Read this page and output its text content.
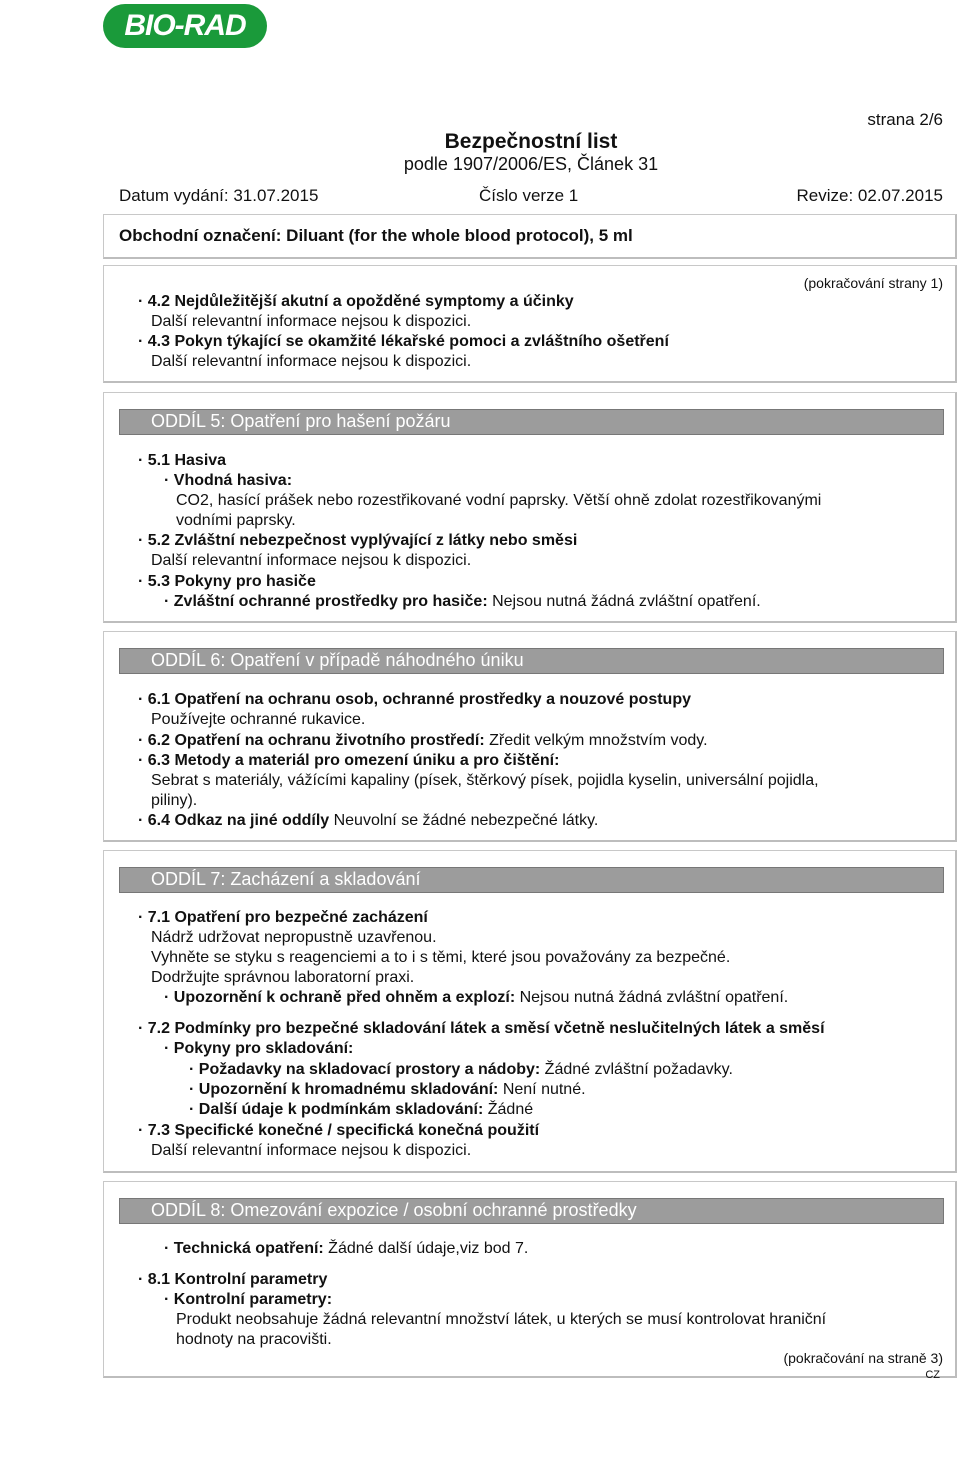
BIO-RAD
strana 2/6
Bezpečnostní list
podle 1907/2006/ES, Článek 31
Datum vydání: 31.07.2015	Číslo verze 1	Revize: 02.07.2015
Obchodní označení: Diluant (for the whole blood protocol), 5 ml
(pokračování strany 1)
· 4.2 Nejdůležitější akutní a opožděné symptomy a účinky
Další relevantní informace nejsou k dispozici.
· 4.3 Pokyn týkající se okamžité lékařské pomoci a zvláštního ošetření
Další relevantní informace nejsou k dispozici.
ODDÍL 5: Opatření pro hašení požáru
· 5.1 Hasiva
· Vhodná hasiva:
CO2, hasící prášek nebo rozestřikované vodní paprsky. Větší ohně zdolat rozestřikovanými
vodními paprsky.
· 5.2 Zvláštní nebezpečnost vyplývající z látky nebo směsi
Další relevantní informace nejsou k dispozici.
· 5.3 Pokyny pro hasiče
· Zvláštní ochranné prostředky pro hasiče: Nejsou nutná žádná zvláštní opatření.
ODDÍL 6: Opatření v případě náhodného úniku
· 6.1 Opatření na ochranu osob, ochranné prostředky a nouzové postupy
Používejte ochranné rukavice.
· 6.2 Opatření na ochranu životního prostředí: Zředit velkým množstvím vody.
· 6.3 Metody a materiál pro omezení úniku a pro čištění:
Sebrat s materiály, vážícími kapaliny (písek, štěrkový písek, pojidla kyselin, universální pojidla,
piliny).
· 6.4 Odkaz na jiné oddíly Neuvolní se žádné nebezpečné látky.
ODDÍL 7: Zacházení a skladování
· 7.1 Opatření pro bezpečné zacházení
Nádrž udržovat nepropustně uzavřenou.
Vyhněte se styku s reagenciemi a to i s těmi, které jsou považovány za bezpečné.
Dodržujte správnou laboratorní praxi.
· Upozornění k ochraně před ohněm a explozí: Nejsou nutná žádná zvláštní opatření.
· 7.2 Podmínky pro bezpečné skladování látek a směsí včetně neslučitelných látek a směsí
· Pokyny pro skladování:
· Požadavky na skladovací prostory a nádoby: Žádné zvláštní požadavky.
· Upozornění k hromadnému skladování: Není nutné.
· Další údaje k podmínkám skladování: Žádné
· 7.3 Specifické konečné / specifická konečná použití
Další relevantní informace nejsou k dispozici.
ODDÍL 8: Omezování expozice / osobní ochranné prostředky
· Technická opatření: Žádné další údaje,viz bod 7.
· 8.1 Kontrolní parametry
· Kontrolní parametry:
Produkt neobsahuje žádná relevantní množství látek, u kterých se musí kontrolovat hraniční
hodnoty na pracovišti.
(pokračování na straně 3)
CZ
